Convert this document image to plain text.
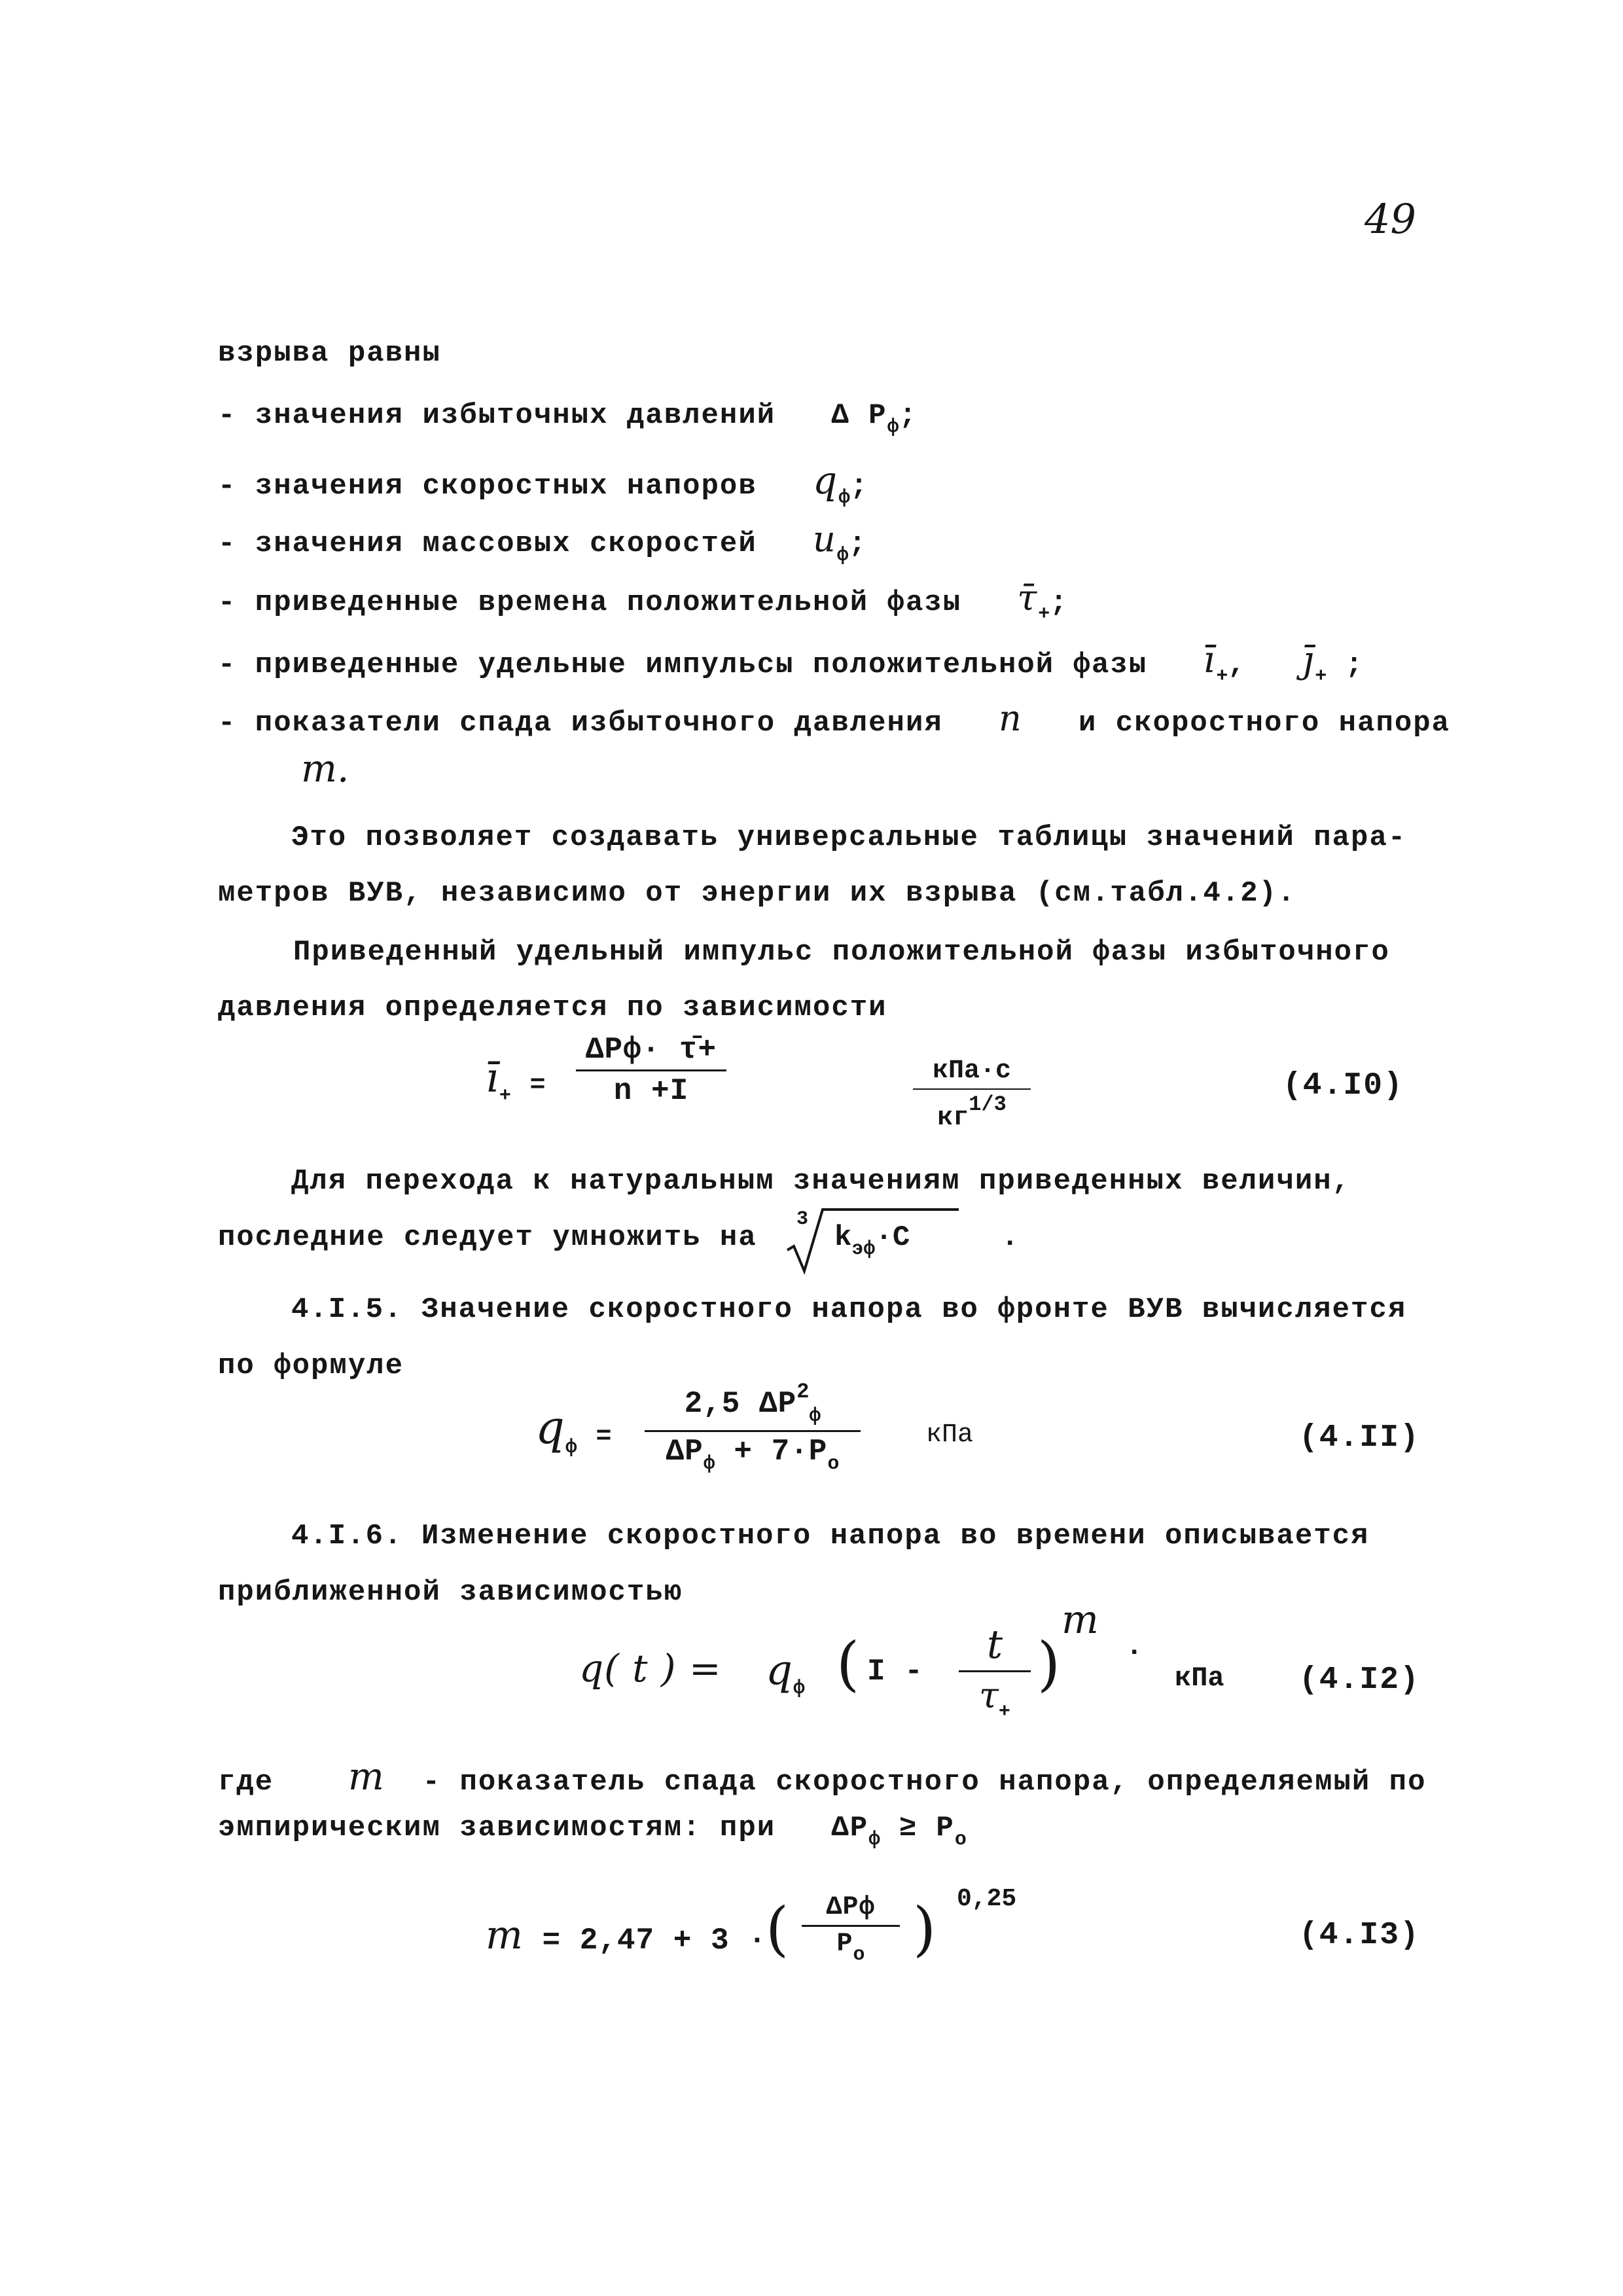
49
взрыва равны
- значения избыточных давлений Δ $P_ф$;
- значения скоростных напоров $q_ф$;
- значения массовых скоростей $u_ф$;
- приведенные времена положительной фазы $\taū_+$;
- приведенные удельные импульсы положительной фазы $ī_+$,   $j̄_+$ ;
- показатели спада избыточного давления n и скоростного напора
m.
Это позволяет создавать универсальные таблицы значений пара-
метров ВУВ, независимо от энергии их взрыва (см.табл.4.2).
Приведенный удельный импульс положительной фазы избыточного
давления определяется по зависимости
$ī_+$ =
ΔPф· τ̄+
n +I
кПа·с
$кг^{1/3}$
(4.I0)
Для перехода к натуральным значениям приведенных величин,
последние следует умножить на
3
$k_{эф}\cdot C$	.
4.I.5. Значение скоростного напора во фронте ВУВ вычисляется
по формуле
$q_ф$ =
2,5 $\Delta P^2_ф$
$\Delta P_ф + 7\cdot P_o$
кПа	(4.II)
4.I.6. Изменение скоростного напора во времени описывается
приближенной зависимостью
q( t ) = $q_ф$ ( I -
t
τ+
)
m
·
кПа (4.I2)
где m - показатель спада скоростного напора, определяемый по
эмпирическим зависимостям: при $\Delta P_ф \ge P_o$
m = 2,47 + 3 ·
(	ΔPф
$P_o$ ) 0,25
(4.I3)
